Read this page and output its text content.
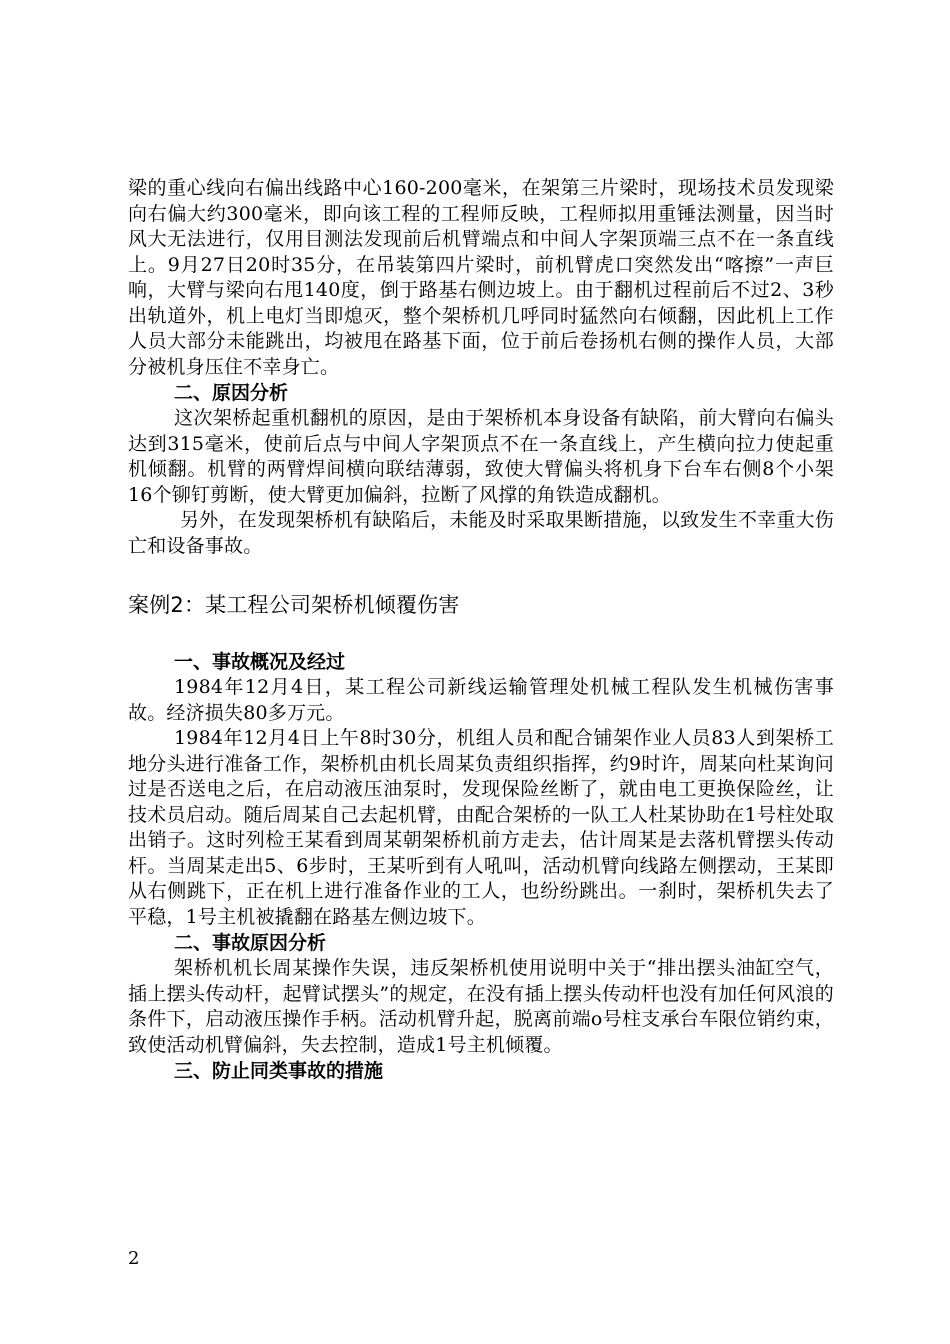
梁的重心线向右偏出线路中心160-200毫米，在架第三片梁时，现场技术员发现梁向右偏大约300毫米，即向该工程的工程师反映，工程师拟用重锤法测量，因当时风大无法进行，仅用目测法发现前后机臂端点和中间人字架顶端三点不在一条直线上。9月27日20时35分，在吊装第四片梁时，前机臂虎口突然发出“喀擦”一声巨响，大臂与梁向右甩140度，倒于路基右侧边坡上。由于翻机过程前后不过2、3秒出轨道外，机上电灯当即熄灭，整个架桥机几呼同时猛然向右倾翻，因此机上工作人员大部分未能跳出，均被甩在路基下面，位于前后卷扬机右侧的操作人员，大部分被机身压住不幸身亡。

二、原因分析

这次架桥起重机翻机的原因，是由于架桥机本身设备有缺陷，前大臂向右偏头达到315毫米，使前后点与中间人字架顶点不在一条直线上，产生横向拉力使起重机倾翻。机臂的两臂焊间横向联结薄弱，致使大臂偏头将机身下台车右侧8个小架16个铆钉剪断，使大臂更加偏斜，拉断了风撑的角铁造成翻机。

另外，在发现架桥机有缺陷后，未能及时采取果断措施，以致发生不幸重大伤亡和设备事故。

案例2：某工程公司架桥机倾覆伤害

一、事故概况及经过

1984年12月4日，某工程公司新线运输管理处机械工程队发生机械伤害事故。经济损失80多万元。

1984年12月4日上午8时30分，机组人员和配合铺架作业人员83人到架桥工地分头进行准备工作，架桥机由机长周某负责组织指挥，约9时许，周某向杜某询问过是否送电之后，在启动液压油泵时，发现保险丝断了，就由电工更换保险丝，让技术员启动。随后周某自己去起机臂，由配合架桥的一队工人杜某协助在1号柱处取出销子。这时列检王某看到周某朝架桥机前方走去，估计周某是去落机臂摆头传动杆。当周某走出5、6步时，王某听到有人吼叫，活动机臂向线路左侧摆动，王某即从右侧跳下，正在机上进行准备作业的工人，也纷纷跳出。一刹时，架桥机失去了平稳，1号主机被撬翻在路基左侧边坡下。

二、事故原因分析

架桥机机长周某操作失误，违反架桥机使用说明中关于“排出摆头油缸空气，插上摆头传动杆，起臂试摆头”的规定，在没有插上摆头传动杆也没有加任何风浪的条件下，启动液压操作手柄。活动机臂升起，脱离前端o号柱支承台车限位销约束，致使活动机臂偏斜，失去控制，造成1号主机倾覆。

三、防止同类事故的措施

2
